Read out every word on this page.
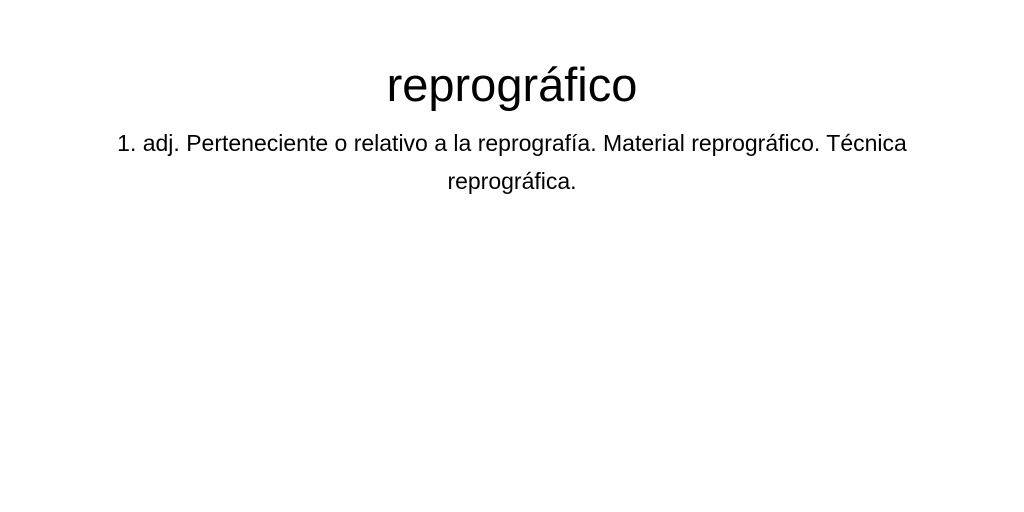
reprográfico

1. adj. Perteneciente o relativo a la reprografía. Material reprográfico. Técnica reprográfica.
